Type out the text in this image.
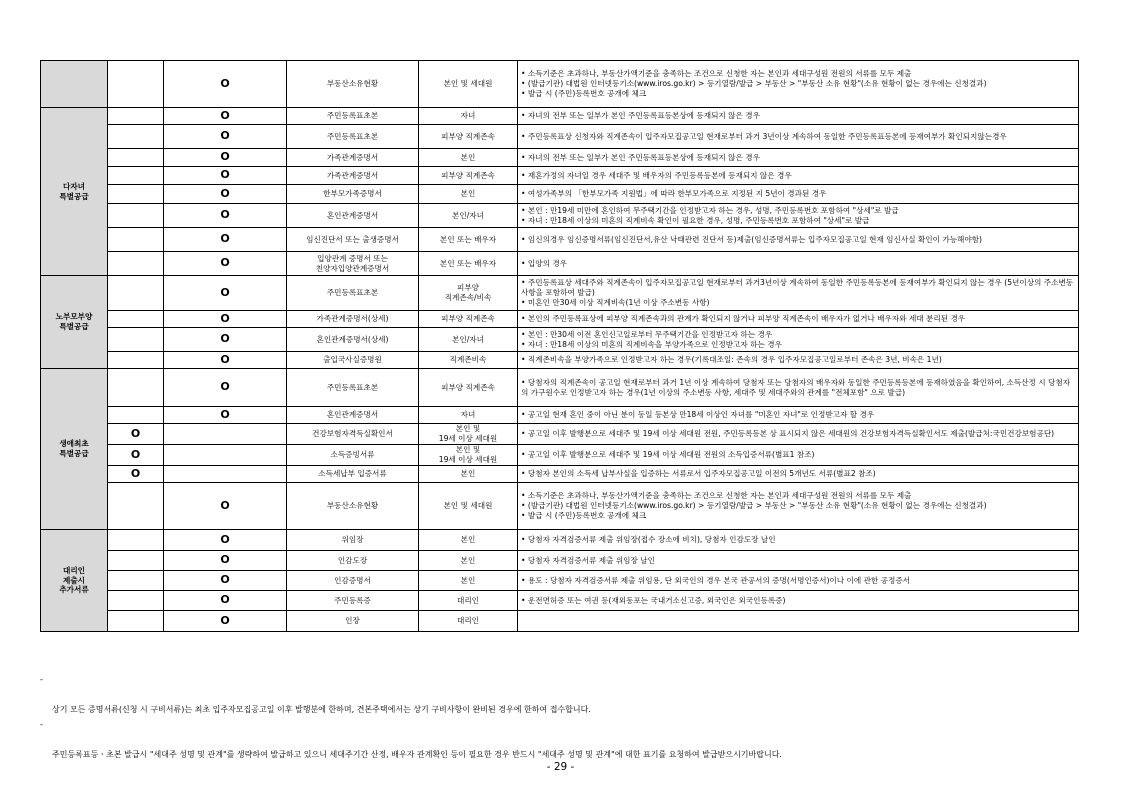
		O	부동산소유현황	본인 및 세대원	• 소득기준은 초과하나, 부동산가액기준을 충족하는 조건으로 신청한 자는 본인과 세대구성원 전원의 서류를 모두 제출
• (발급기관) 대법원 인터넷등기소(www.iros.go.kr) > 등기열람/발급 > 부동산 > "부동산 소유 현황"(소유 현황이 없는 경우에는 신청결과)
• 발급 시 (주민)등록번호 공개에 체크
다자녀
특별공급		O	주민등록표초본	자녀	• 자녀의 전부 또는 일부가 본인 주민등록표등본상에 등재되지 않은 경우
		O	주민등록표초본	피부양 직계존속	• 주민등록표상 신청자와 직계존속이 입주자모집공고일 현재로부터 과거 3년이상 계속하여 동일한 주민등록표등본에 등재여부가 확인되지않는경우
		O	가족관계증명서	본인	• 자녀의 전부 또는 일부가 본인 주민등록표등본상에 등재되지 않은 경우
		O	가족관계증명서	피부양 직계존속	• 재혼가정의 자녀일 경우 세대주 및 배우자의 주민등록등본에 등재되지 않은 경우
		O	한부모가족증명서	본인	• 여성가족부의 「한부모가족 지원법」에 따라 한부모가족으로 지정된 지 5년이 경과된 경우
		O	혼인관계증명서	본인/자녀	• 본인 : 만19세 미만에 혼인하여 무주택기간을 인정받고자 하는 경우, 성명, 주민등록번호 포함하여 "상세"로 발급
• 자녀 : 만18세 이상의 미혼의 직계비속 확인이 필요한 경우, 성명, 주민등록번호 포함하여 "상세"로 발급
		O	임신진단서 또는 출생증명서	본인 또는 배우자	• 임신의경우 임신증명서류(임신진단서,유산 낙태관련 진단서 등)제출(임신증명서류는 입주자모집공고일 현재 임신사실 확인이 가능해야함)
		O	입양관계 증명서 또는
친양자입양관계증명서	본인 또는 배우자	• 입양의 경우
노부모부양
특별공급		O	주민등록표초본	피부양
직계존속/비속	• 주민등록표상 세대주와 직계존속이 입주자모집공고일 현재로부터 과거3년이상 계속하여 동일한 주민등록등본에 등재여부가 확인되지 않는 경우 (5년이상의 주소변동사항을 포함하여 발급)
• 미혼인 만30세 이상 직계비속(1년 이상 주소변동 사항)
		O	가족관계증명서(상세)	피부양 직계존속	• 본인의 주민등록표상에 피부양 직계존속과의 관계가 확인되지 않거나 피부양 직계존속이 배우자가 없거나 배우자와 세대 분리된 경우
		O	혼인관계증명서(상세)	본인/자녀	• 본인 : 만30세 이전 혼인신고일로부터 무주택기간을 인정받고자 하는 경우
• 자녀 : 만18세 이상의 미혼의 직계비속을 부양가족으로 인정받고자 하는 경우
		O	출입국사실증명원	직계존비속	• 직계존비속을 부양가족으로 인정받고자 하는 경우(기록대조일: 존속의 경우 입주자모집공고일로부터 존속은 3년, 비속은 1년)
생애최초
특별공급		O	주민등록표초본	피부양 직계존속	• 당첨자의 직계존속이 공고일 현재로부터 과거 1년 이상 계속하여 당첨자 또는 당첨자의 배우자와 동일한 주민등록등본에 등재하였음을 확인하여, 소득산정 시 당첨자의 가구원수로 인정받고자 하는 경우(1년 이상의 주소변동 사항, 세대주 및 세대주와의 관계를 "전체포함" 으로 발급)
		O	혼인관계증명서	자녀	• 공고일 현재 혼인 중이 아닌 분이 동일 등본상 만18세 이상인 자녀를 "미혼인 자녀"로 인정받고자 할 경우
	O		건강보험자격득실확인서	본인 및
19세 이상 세대원	• 공고일 이후 발행분으로 세대주 및 19세 이상 세대원 전원, 주민등록등본 상 표시되지 않은 세대원의 건강보험자격득실확인서도 제출(발급처:국민건강보험공단)
	O		소득증빙서류	본인 및
19세 이상 세대원	• 공고일 이후 발행분으로 세대주 및 19세 이상 세대원 전원의 소득입증서류(별표1 참조)
	O		소득세납부 입증서류	본인	• 당첨자 본인의 소득세 납부사실을 입증하는 서류로서 입주자모집공고일 이전의 5개년도 서류(별표2 참조)
		O	부동산소유현황	본인 및 세대원	• 소득기준은 초과하나, 부동산가액기준을 충족하는 조건으로 신청한 자는 본인과 세대구성원 전원의 서류를 모두 제출
• (발급기관) 대법원 인터넷등기소(www.iros.go.kr) > 등기열람/발급 > 부동산 > "부동산 소유 현황"(소유 현황이 없는 경우에는 신청결과)
• 발급 시 (주민)등록번호 공개에 체크
대리인
제출시
추가서류		O	위임장	본인	• 당첨자 자격검증서류 제출 위임장(접수 장소에 비치), 당첨자 인감도장 날인
		O	인감도장	본인	• 당첨자 자격검증서류 제출 위임장 날인
		O	인감증명서	본인	• 용도 : 당첨자 자격검증서류 제출 위임용, 단 외국인의 경우 본국 관공서의 증명(서명인증서)이나 이에 관한 공정증서
		O	주민등록증	대리인	• 운전면허증 또는 여권 등(재외동포는 국내거소신고증, 외국인은 외국인등록증)
		O	인장	대리인	

-

상기 모든 증명서류(신청 시 구비서류)는 최초 입주자모집공고일 이후 발행분에 한하며, 견본주택에서는 상기 구비사항이 완비된 경우에 한하여 접수합니다.

-

주민등록표등ㆍ초본 발급시 "세대주 성명 및 관계"를 생략하여 발급하고 있으니 세대주기간 산정, 배우자 관계확인 등이 필요한 경우 반드시 "세대주 성명 및 관계"에 대한 표기를 요청하여 발급받으시기바랍니다.

- 29 -
